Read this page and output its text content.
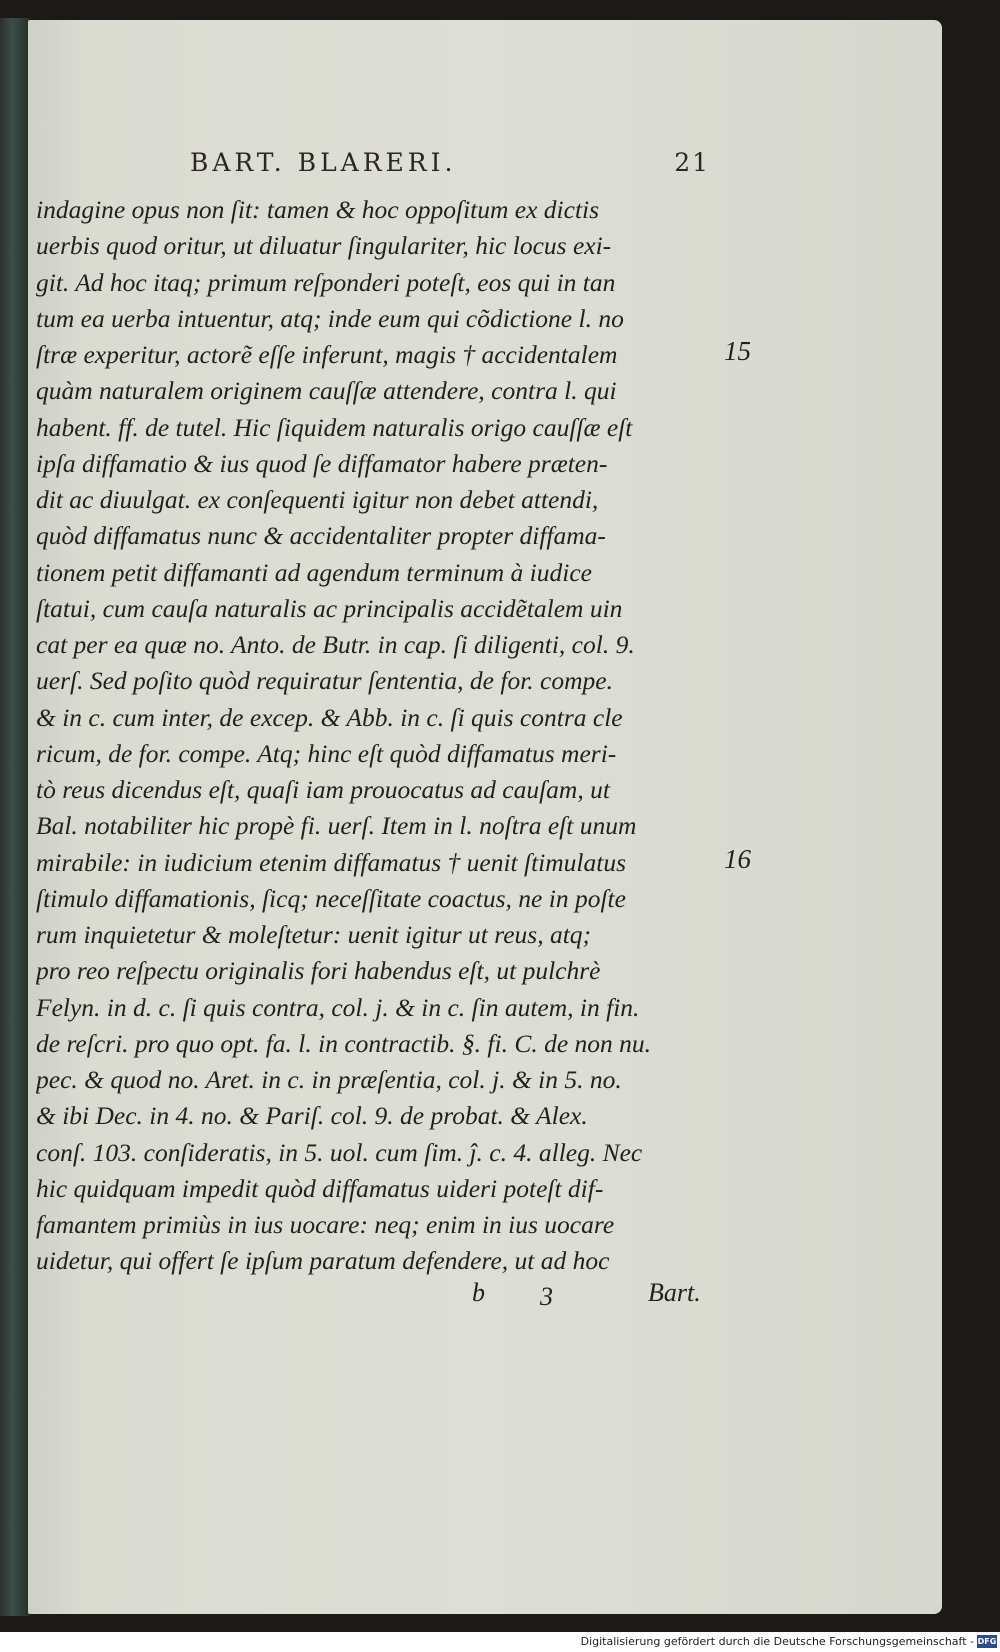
BART. BLARERI.	21
indagine opus non ſit: tamen & hoc oppoſitum ex dictis
uerbis quod oritur, ut diluatur ſingulariter, hic locus exi-
git. Ad hoc itaq; primum reſponderi poteſt, eos qui in tan
tum ea uerba intuentur, atq; inde eum qui cõdictione l. no
ſtræ experitur, actorẽ eſſe inferunt, magis † accidentalem
quàm naturalem originem cauſſæ attendere, contra l. qui
habent. ff. de tutel. Hic ſiquidem naturalis origo cauſſæ eſt
ipſa diffamatio & ius quod ſe diffamator habere præten-
dit ac diuulgat. ex conſequenti igitur non debet attendi,
quòd diffamatus nunc & accidentaliter propter diffama-
tionem petit diffamanti ad agendum terminum à iudice
ſtatui, cum cauſa naturalis ac principalis accidẽtalem uin
cat per ea quæ no. Anto. de Butr. in cap. ſi diligenti, col. 9.
uerſ. Sed poſito quòd requiratur ſententia, de for. compe.
& in c. cum inter, de excep. & Abb. in c. ſi quis contra cle
ricum, de for. compe. Atq; hinc eſt quòd diffamatus meri-
tò reus dicendus eſt, quaſi iam prouocatus ad cauſam, ut
Bal. notabiliter hic propè fi. uerſ. Item in l. noſtra eſt unum
mirabile: in iudicium etenim diffamatus † uenit ſtimulatus
ſtimulo diffamationis, ſicq; neceſſitate coactus, ne in poſte
rum inquietetur & moleſtetur: uenit igitur ut reus, atq;
pro reo reſpectu originalis fori habendus eſt, ut pulchrè
Felyn. in d. c. ſi quis contra, col. j. & in c. ſin autem, in fin.
de reſcri. pro quo opt. fa. l. in contractib. §. fi. C. de non nu.
pec. & quod no. Aret. in c. in præſentia, col. j. & in 5. no.
& ibi Dec. in 4. no. & Pariſ. col. 9. de probat. & Alex.
conſ. 103. conſideratis, in 5. uol. cum ſim. ĵ. c. 4. alleg. Nec
hic quidquam impedit quòd diffamatus uideri poteſt dif-
famantem primiùs in ius uocare: neq; enim in ius uocare
uidetur, qui offert ſe ipſum paratum defendere, ut ad hoc
15
16
b 3	Bart.
Digitalisierung gefördert durch die Deutsche Forschungsgemeinschaft - DFG
